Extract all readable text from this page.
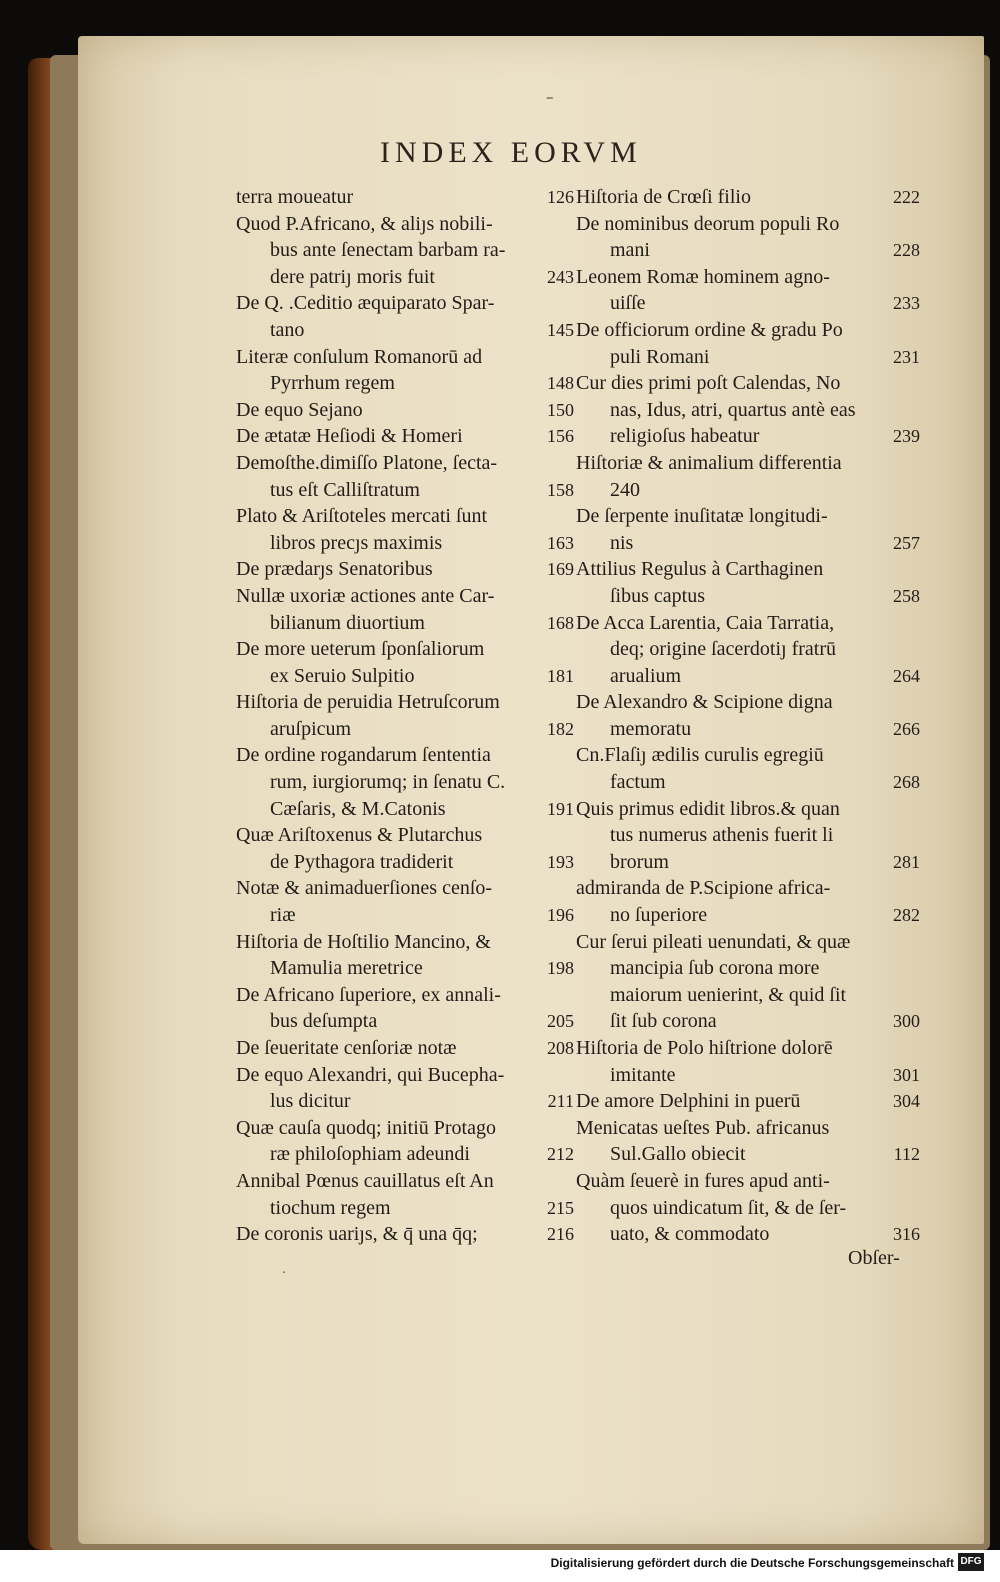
–
INDEX EORVM
terra moueatur	126
Quod P.Africano, & aliȷs nobili-
bus ante ſenectam barbam ra-
dere patriȷ moris fuit	243
De Q. .Ceditio æquiparato Spar-
tano	145
Literæ conſulum Romanorū ad
Pyrrhum regem	148
De equo Sejano	150
De ætatæ Heſiodi & Homeri	156
Demoſthe.dimiſſo Platone, ſecta-
tus eſt Calliſtratum	158
Plato & Ariſtoteles mercati ſunt
libros precȷs maximis	163
De prædarȷs Senatoribus	169
Nullæ uxoriæ actiones ante Car-
bilianum diuortium	168
De more ueterum ſponſaliorum
ex Seruio Sulpitio	181
Hiſtoria de peruidia Hetruſcorum
aruſpicum	182
De ordine rogandarum ſententia
rum, iurgiorumq; in ſenatu C.
Cæſaris, & M.Catonis	191
Quæ Ariſtoxenus & Plutarchus
de Pythagora tradiderit	193
Notæ & animaduerſiones cenſo-
riæ	196
Hiſtoria de Hoſtilio Mancino, &
Mamulia meretrice	198
De Africano ſuperiore, ex annali-
bus deſumpta	205
De ſeueritate cenſoriæ notæ	208
De equo Alexandri, qui Bucepha-
lus dicitur	211
Quæ cauſa quodq; initiū Protago
ræ philoſophiam adeundi	212
Annibal Pœnus cauillatus eſt An
tiochum regem	215
De coronis uariȷs, & q̄ una q̄q;	216
Hiſtoria de Crœſi filio	222
De nominibus deorum populi Ro
mani	228
Leonem Romæ hominem agno-
uiſſe	233
De officiorum ordine & gradu Po
puli Romani	231
Cur dies primi poſt Calendas, No
nas, Idus, atri, quartus antè eas
religioſus habeatur	239
Hiſtoriæ & animalium differentia
240
De ſerpente inuſitatæ longitudi-
nis	257
Attilius Regulus à Carthaginen
ſibus captus	258
De Acca Larentia, Caia Tarratia,
deq; origine ſacerdotiȷ fratrū
arualium	264
De Alexandro & Scipione digna
memoratu	266
Cn.Flaſiȷ ædilis curulis egregiū
factum	268
Quis primus edidit libros.& quan
tus numerus athenis fuerit li
brorum	281
admiranda de P.Scipione africa-
no ſuperiore	282
Cur ſerui pileati uenundati, & quæ
mancipia ſub corona more
maiorum uenierint, & quid ſit
ſit ſub corona	300
Hiſtoria de Polo hiſtrione dolorē
imitante	301
De amore Delphini in puerū	304
Menicatas ueſtes Pub. africanus
Sul.Gallo obiecit	112
Quàm ſeuerè in fures apud anti-
quos uindicatum ſit, & de ſer-
uato, & commodato	316
Obſer-
.
Digitalisierung gefördert durch die Deutsche Forschungsgemeinschaft DFG
